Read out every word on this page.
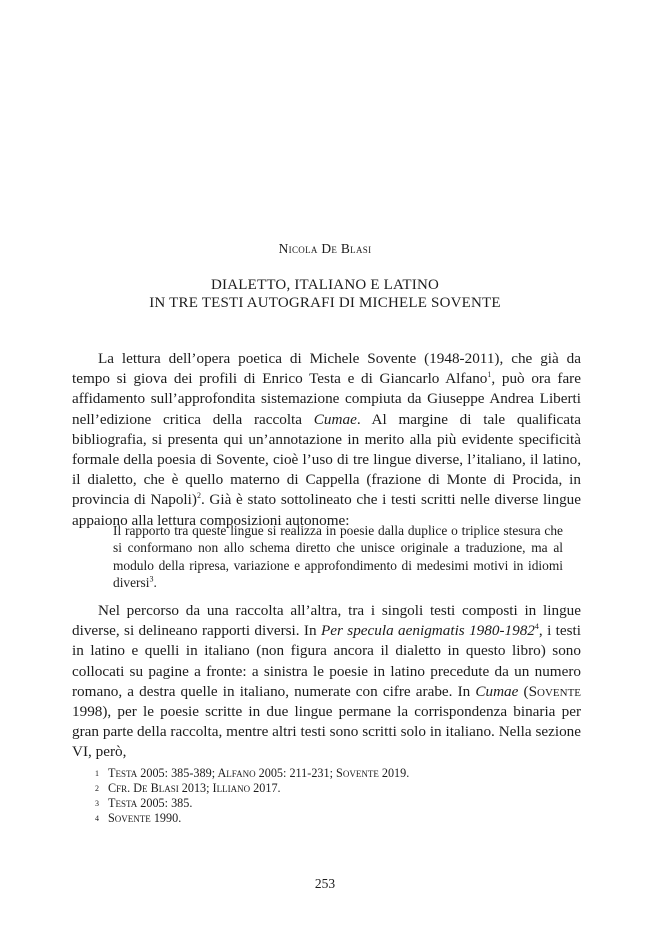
Nicola De Blasi
DIALETTO, ITALIANO E LATINO
IN TRE TESTI AUTOGRAFI DI MICHELE SOVENTE

La lettura dell’opera poetica di Michele Sovente (1948-2011), che già da tempo si giova dei profili di Enrico Testa e di Giancarlo Alfano$^1$, può ora fare affidamento sull’approfondita sistemazione compiuta da Giuseppe Andrea Liberti nell’edizione critica della raccolta Cumae. Al margine di tale qualificata bibliografia, si presenta qui un’annotazione in merito alla più evidente specificità formale della poesia di Sovente, cioè l’uso di tre lingue diverse, l’italiano, il latino, il dialetto, che è quello materno di Cappella (frazione di Monte di Procida, in provincia di Napoli)$^2$. Già è stato sottolineato che i testi scritti nelle diverse lingue appaiono alla lettura composizioni autonome:

Il rapporto tra queste lingue si realizza in poesie dalla duplice o triplice stesura che si conformano non allo schema diretto che unisce originale a traduzione, ma al modulo della ripresa, variazione e approfondimento di medesimi motivi in idiomi diversi$^3$.

Nel percorso da una raccolta all’altra, tra i singoli testi composti in lingue diverse, si delineano rapporti diversi. In Per specula aenigmatis 1980-1982$^4$, i testi in latino e quelli in italiano (non figura ancora il dialetto in questo libro) sono collocati su pagine a fronte: a sinistra le poesie in latino precedute da un numero romano, a destra quelle in italiano, numerate con cifre arabe. In Cumae (Sovente 1998), per le poesie scritte in due lingue permane la corrispondenza binaria per gran parte della raccolta, mentre altri testi sono scritti solo in italiano. Nella sezione VI, però,

1 Testa 2005: 385-389; Alfano 2005: 211-231; Sovente 2019.
2 Cfr. De Blasi 2013; Illiano 2017.
3 Testa 2005: 385.
4 Sovente 1990.
253
